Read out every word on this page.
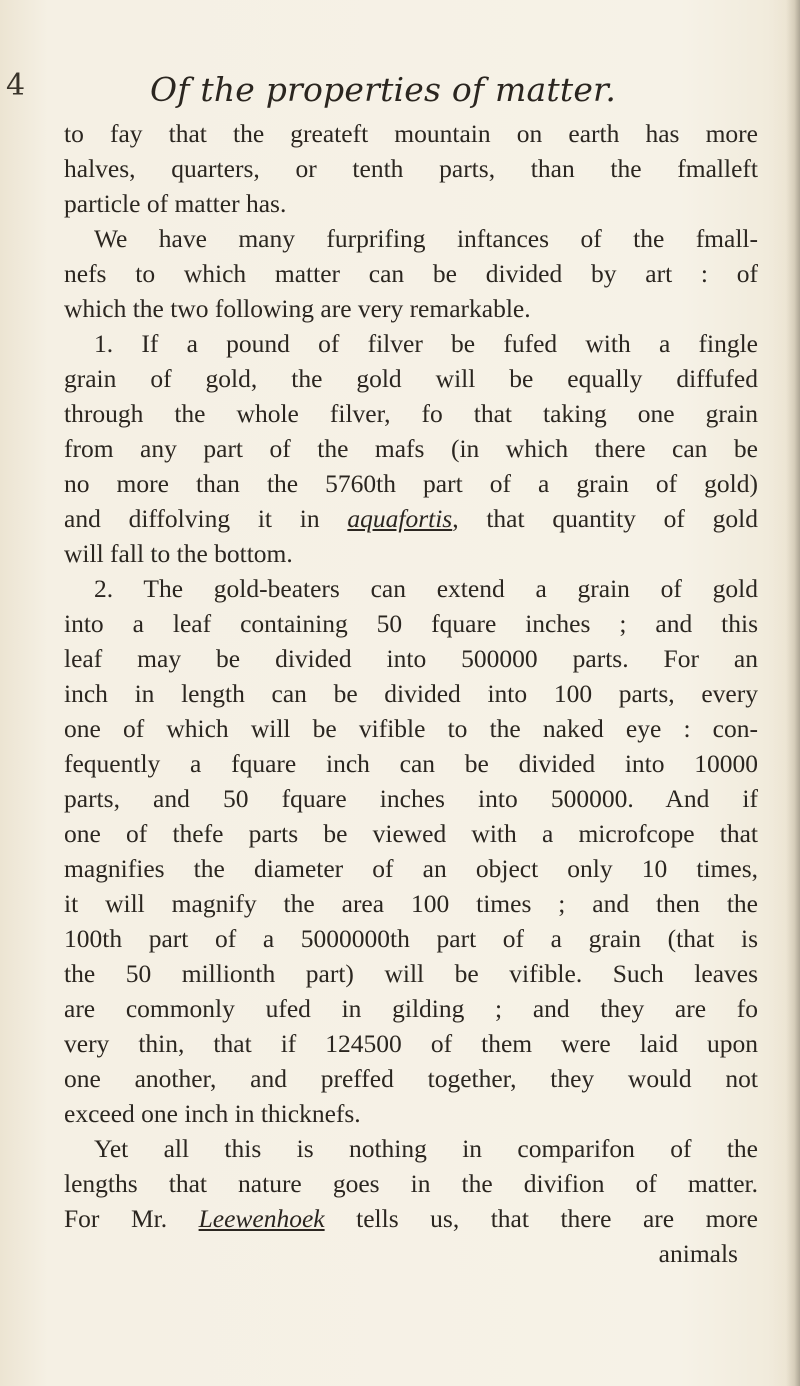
4	Of the properties of matter.
to fay that the greateft mountain on earth has more
halves, quarters, or tenth parts, than the fmalleft
particle of matter has.
We have many furprifing inftances of the fmall-
nefs to which matter can be divided by art : of
which the two following are very remarkable.
1. If a pound of filver be fufed with a fingle
grain of gold, the gold will be equally diffufed
through the whole filver, fo that taking one grain
from any part of the mafs (in which there can be
no more than the 5760th part of a grain of gold)
and diffolving it in aquafortis, that quantity of gold
will fall to the bottom.
2. The gold-beaters can extend a grain of gold
into a leaf containing 50 fquare inches ; and this
leaf may be divided into 500000 parts. For an
inch in length can be divided into 100 parts, every
one of which will be vifible to the naked eye : con-
fequently a fquare inch can be divided into 10000
parts, and 50 fquare inches into 500000. And if
one of thefe parts be viewed with a microfcope that
magnifies the diameter of an object only 10 times,
it will magnify the area 100 times ; and then the
100th part of a 5000000th part of a grain (that is
the 50 millionth part) will be vifible. Such leaves
are commonly ufed in gilding ; and they are fo
very thin, that if 124500 of them were laid upon
one another, and preffed together, they would not
exceed one inch in thicknefs.
Yet all this is nothing in comparifon of the
lengths that nature goes in the divifion of matter.
For Mr. Leewenhoek tells us, that there are more
animals
